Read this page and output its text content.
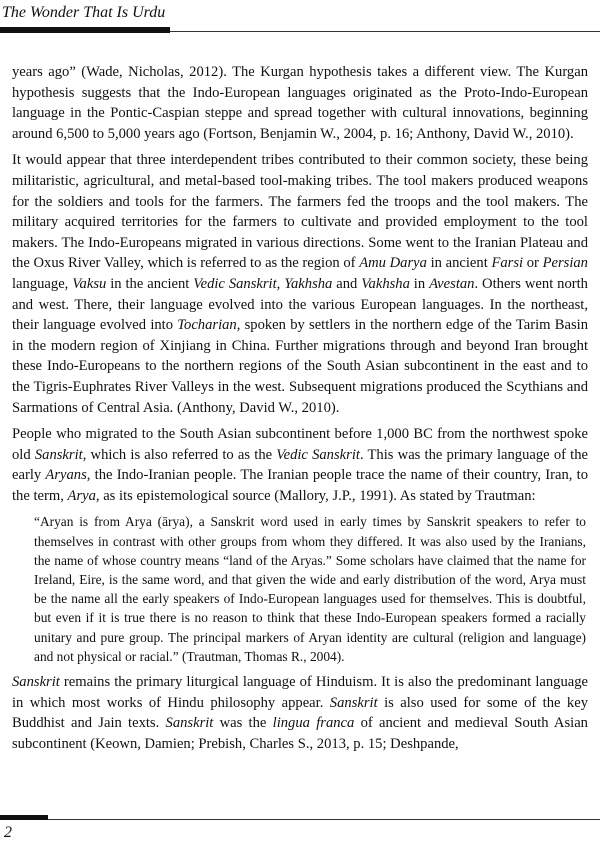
The Wonder That Is Urdu

years ago” (Wade, Nicholas, 2012). The Kurgan hypothesis takes a different view. The Kurgan hypothesis suggests that the Indo-European languages originated as the Proto-Indo-European language in the Pontic-Caspian steppe and spread together with cultural innovations, beginning around 6,500 to 5,000 years ago (Fortson, Benjamin W., 2004, p. 16; Anthony, David W., 2010).

It would appear that three interdependent tribes contributed to their common society, these being militaristic, agricultural, and metal-based tool-making tribes. The tool makers produced weapons for the soldiers and tools for the farmers. The farmers fed the troops and the tool makers. The military acquired territories for the farmers to cultivate and provided employment to the tool makers. The Indo-Europeans migrated in various directions. Some went to the Iranian Plateau and the Oxus River Valley, which is referred to as the region of Amu Darya in ancient Farsi or Persian language, Vaksu in the ancient Vedic Sanskrit, Yakhsha and Vakhsha in Avestan. Others went north and west. There, their language evolved into the various European languages. In the northeast, their language evolved into Tocharian, spoken by settlers in the northern edge of the Tarim Basin in the modern region of Xinjiang in China. Further migrations through and beyond Iran brought these Indo-Europeans to the northern regions of the South Asian subcontinent in the east and to the Tigris-Euphrates River Valleys in the west. Subsequent migrations produced the Scythians and Sarmations of Central Asia. (Anthony, David W., 2010).

People who migrated to the South Asian subcontinent before 1,000 BC from the northwest spoke old Sanskrit, which is also referred to as the Vedic Sanskrit. This was the primary language of the early Aryans, the Indo-Iranian people. The Iranian people trace the name of their country, Iran, to the term, Arya, as its epistemological source (Mallory, J.P., 1991). As stated by Trautman:

“Aryan is from Arya (ārya), a Sanskrit word used in early times by Sanskrit speakers to refer to themselves in contrast with other groups from whom they differed. It was also used by the Iranians, the name of whose country means “land of the Aryas.” Some scholars have claimed that the name for Ireland, Eire, is the same word, and that given the wide and early distribution of the word, Arya must be the name all the early speakers of Indo-European languages used for themselves. This is doubtful, but even if it is true there is no reason to think that these Indo-European speakers formed a racially unitary and pure group. The principal markers of Aryan identity are cultural (religion and language) and not physical or racial.” (Trautman, Thomas R., 2004).

Sanskrit remains the primary liturgical language of Hinduism. It is also the predominant language in which most works of Hindu philosophy appear. Sanskrit is also used for some of the key Buddhist and Jain texts. Sanskrit was the lingua franca of ancient and medieval South Asian subcontinent (Keown, Damien; Prebish, Charles S., 2013, p. 15; Deshpande,

2
